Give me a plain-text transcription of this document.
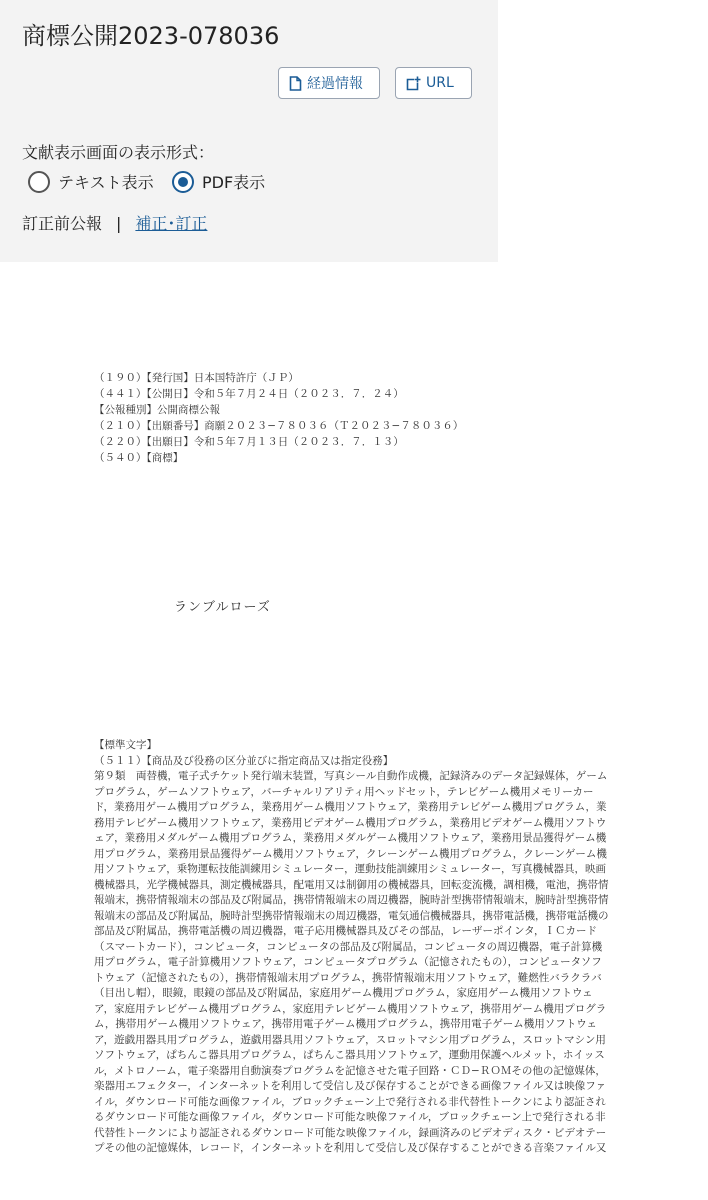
商標公開2023-078036
経過情報	URL
文献表示画面の表示形式：
テキスト表示	PDF表示
訂正前公報 | 補正･訂正
（１９０）【発行国】日本国特許庁（ＪＰ）
（４４１）【公開日】令和５年７月２４日（２０２３．７．２４）
【公報種別】公開商標公報
（２１０）【出願番号】商願２０２３−７８０３６（Ｔ２０２３−７８０３６）
（２２０）【出願日】令和５年７月１３日（２０２３．７．１３）
（５４０）【商標】
ランブルローズ
【標準文字】
（５１１）【商品及び役務の区分並びに指定商品又は指定役務】
第９類　両替機，電子式チケット発行端末装置，写真シール自動作成機，記録済みのデータ記録媒体，ゲーム
プログラム，ゲームソフトウェア，バーチャルリアリティ用ヘッドセット，テレビゲーム機用メモリーカー
ド，業務用ゲーム機用プログラム，業務用ゲーム機用ソフトウェア，業務用テレビゲーム機用プログラム，業
務用テレビゲーム機用ソフトウェア，業務用ビデオゲーム機用プログラム，業務用ビデオゲーム機用ソフトウ
ェア，業務用メダルゲーム機用プログラム，業務用メダルゲーム機用ソフトウェア，業務用景品獲得ゲーム機
用プログラム，業務用景品獲得ゲーム機用ソフトウェア，クレーンゲーム機用プログラム，クレーンゲーム機
用ソフトウェア，乗物運転技能訓練用シミュレーター，運動技能訓練用シミュレーター，写真機械器具，映画
機械器具，光学機械器具，測定機械器具，配電用又は制御用の機械器具，回転変流機，調相機，電池，携帯情
報端末，携帯情報端末の部品及び附属品，携帯情報端末の周辺機器，腕時計型携帯情報端末，腕時計型携帯情
報端末の部品及び附属品，腕時計型携帯情報端末の周辺機器，電気通信機械器具，携帯電話機，携帯電話機の
部品及び附属品，携帯電話機の周辺機器，電子応用機械器具及びその部品，レーザーポインタ，ＩＣカード
（スマートカード），コンピュータ，コンピュータの部品及び附属品，コンピュータの周辺機器，電子計算機
用プログラム，電子計算機用ソフトウェア，コンピュータプログラム（記憶されたもの），コンピュータソフ
トウェア（記憶されたもの），携帯情報端末用プログラム，携帯情報端末用ソフトウェア，難燃性バラクラバ
（目出し帽），眼鏡，眼鏡の部品及び附属品，家庭用ゲーム機用プログラム，家庭用ゲーム機用ソフトウェ
ア，家庭用テレビゲーム機用プログラム，家庭用テレビゲーム機用ソフトウェア，携帯用ゲーム機用プログラ
ム，携帯用ゲーム機用ソフトウェア，携帯用電子ゲーム機用プログラム，携帯用電子ゲーム機用ソフトウェ
ア，遊戯用器具用プログラム，遊戯用器具用ソフトウェア，スロットマシン用プログラム，スロットマシン用
ソフトウェア，ぱちんこ器具用プログラム，ぱちんこ器具用ソフトウェア，運動用保護ヘルメット，ホイッス
ル，メトロノーム，電子楽器用自動演奏プログラムを記憶させた電子回路・ＣＤ−ＲＯＭその他の記憶媒体，
楽器用エフェクター，インターネットを利用して受信し及び保存することができる画像ファイル又は映像ファ
イル，ダウンロード可能な画像ファイル，ブロックチェーン上で発行される非代替性トークンにより認証され
るダウンロード可能な画像ファイル，ダウンロード可能な映像ファイル，ブロックチェーン上で発行される非
代替性トークンにより認証されるダウンロード可能な映像ファイル，録画済みのビデオディスク・ビデオテー
プその他の記憶媒体，レコード，インターネットを利用して受信し及び保存することができる音楽ファイル又
